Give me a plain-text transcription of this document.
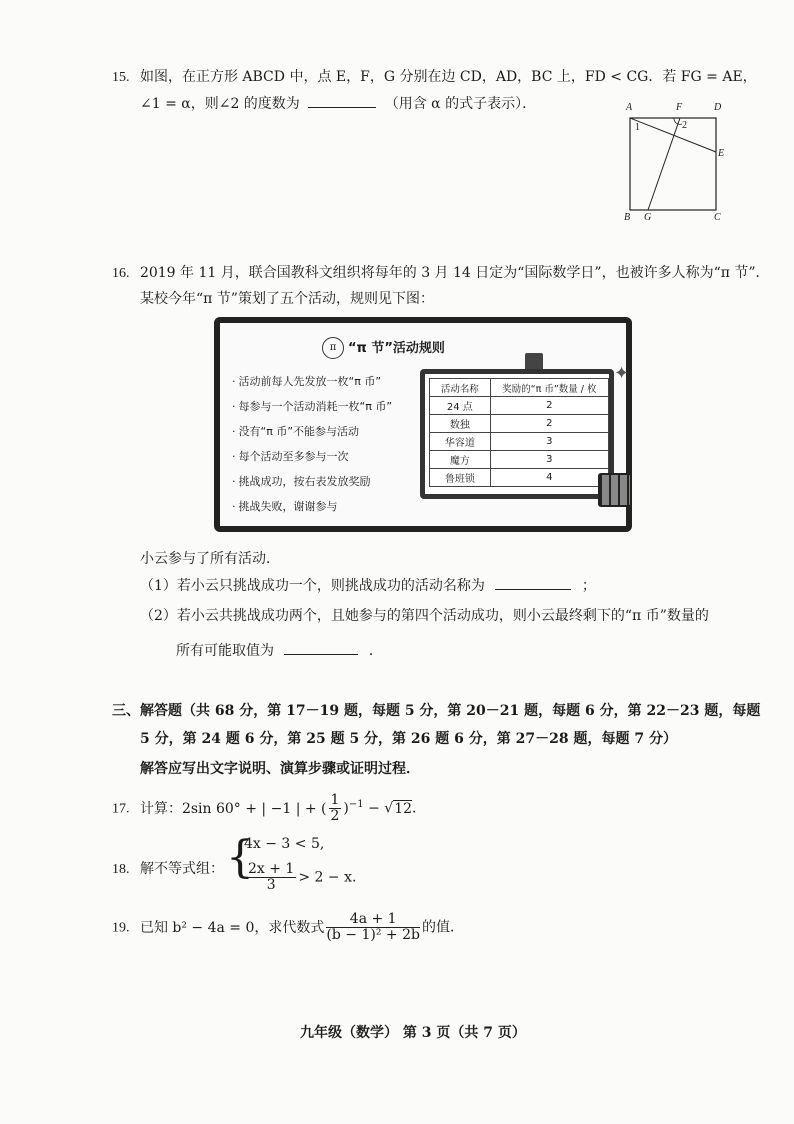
15. 如图，在正方形 ABCD 中，点 E，F，G 分别在边 CD，AD，BC 上，FD < CG．若 FG = AE，
∠1 = α，则∠2 的度数为	（用含 α 的式子表示）．	A	F	D
E
B G	C
1	2
16. 2019 年 11 月，联合国教科文组织将每年的 3 月 14 日定为“国际数学日”，也被许多人称为“π 节”．
某校今年“π 节”策划了五个活动，规则见下图：
π “π 节”活动规则
· 活动前每人先发放一枚“π 币”
· 每参与一个活动消耗一枚“π 币”
· 没有“π 币”不能参与活动
· 每个活动至多参与一次
· 挑战成功，按右表发放奖励
· 挑战失败，谢谢参与
✦
活动名称	奖励的“π 币”数量 / 枚
24 点	2
数独	2
华容道	3
魔方	3
鲁班锁	4
小云参与了所有活动．
（1）若小云只挑战成功一个，则挑战成功的活动名称为	；
（2）若小云共挑战成功两个，且她参与的第四个活动成功，则小云最终剩下的“π 币”数量的
所有可能取值为	．
三、解答题（共 68 分，第 17－19 题，每题 5 分，第 20－21 题，每题 6 分，第 22－23 题，每题
5 分，第 24 题 6 分，第 25 题 5 分，第 26 题 6 分，第 27－28 题，每题 7 分）
解答应写出文字说明、演算步骤或证明过程．
17. 计算：2sin 60° + | −1 | + ( $\frac{1}{2} )^{-1} - √12$．
18. 解不等式组： {
4x − 3 < 5,
$\frac{2x + 1}{3} > 2 - x$.
19. 已知 b² − 4a = 0，求代数式 $\frac{4a + 1}{\text{(b − 1)² + 2b}}$ 的值．
九年级（数学） 第 3 页（共 7 页）
